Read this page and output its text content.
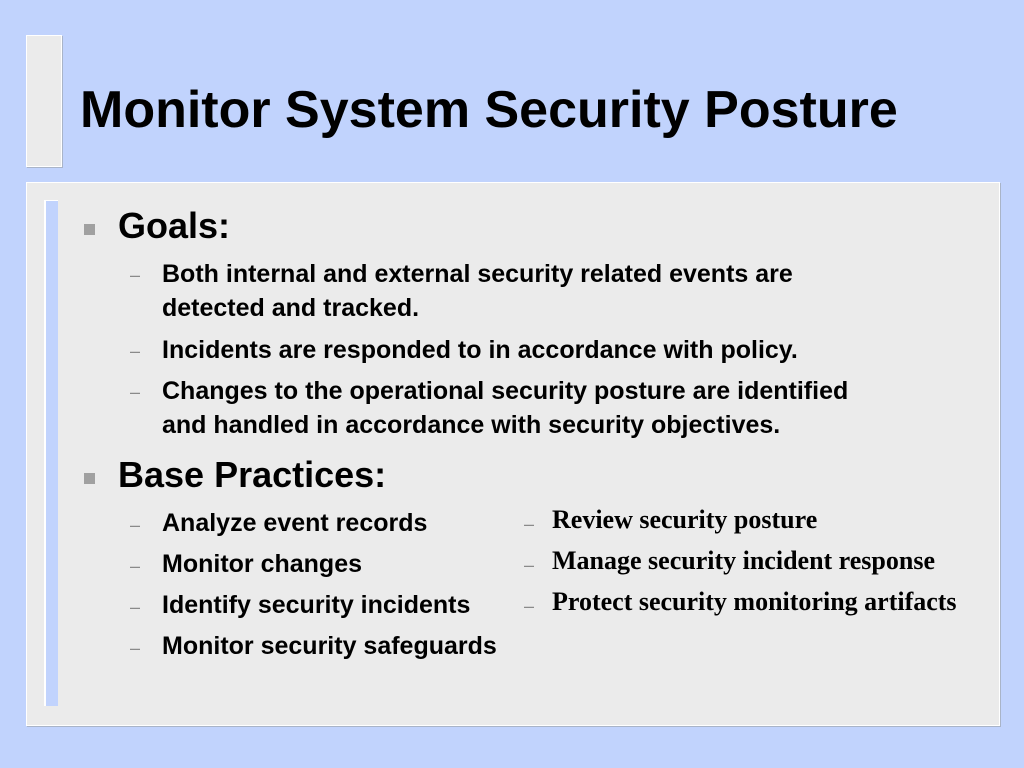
Monitor System Security Posture
Goals:
– Both internal and external security related events are
detected and tracked.
– Incidents are responded to in accordance with policy.
– Changes to the operational security posture are identified
and handled in accordance with security objectives.
Base Practices:
– Analyze event records
– Monitor changes
– Identify security incidents
– Monitor security safeguards
– Review security posture
– Manage security incident response
– Protect security monitoring artifacts
